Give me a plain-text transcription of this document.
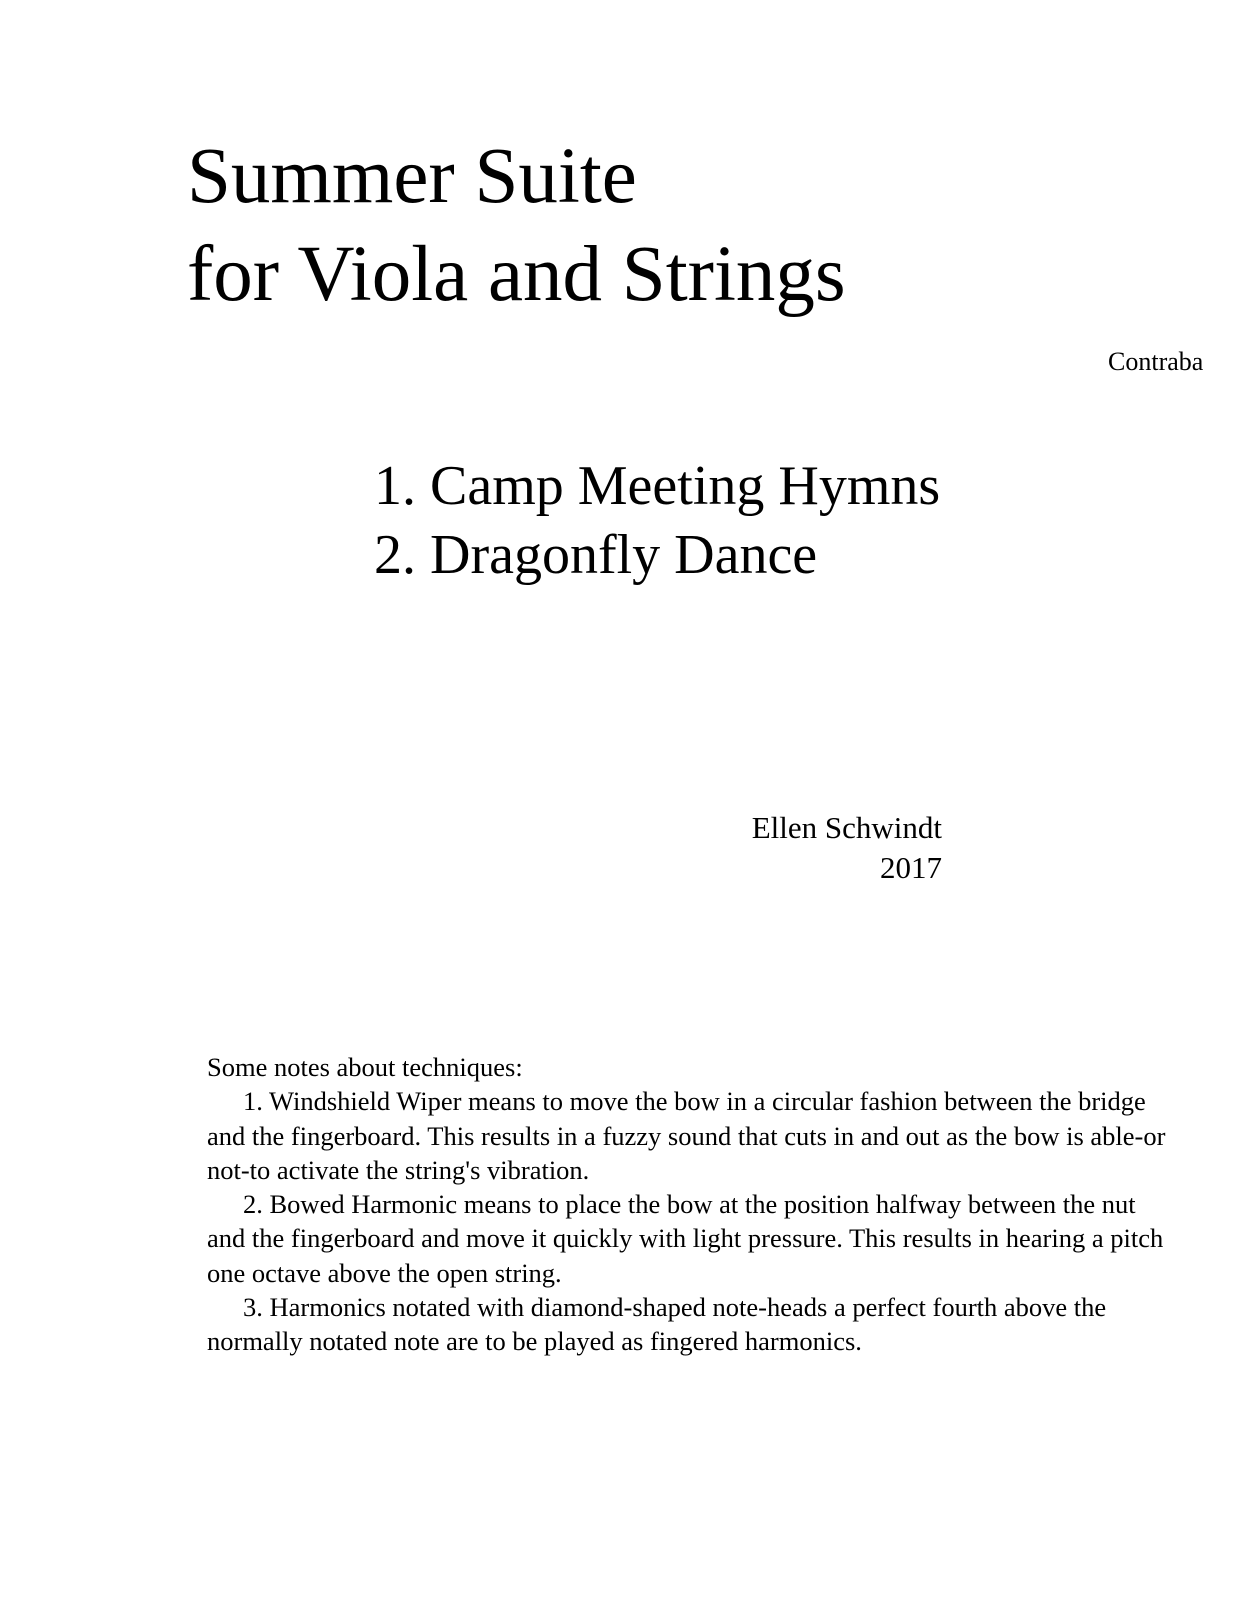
Summer Suite
for Viola and Strings
Contraba
1. Camp Meeting Hymns
2. Dragonfly Dance
Ellen Schwindt
2017
Some notes about techniques:
1. Windshield Wiper means to move the bow in a circular fashion between the bridge and the fingerboard. This results in a fuzzy sound that cuts in and out as the bow is able-or not-to activate the string's vibration.
2. Bowed Harmonic means to place the bow at the position halfway between the nut and the fingerboard and move it quickly with light pressure. This results in hearing a pitch one octave above the open string.
3. Harmonics notated with diamond-shaped note-heads a perfect fourth above the normally notated note are to be played as fingered harmonics.
